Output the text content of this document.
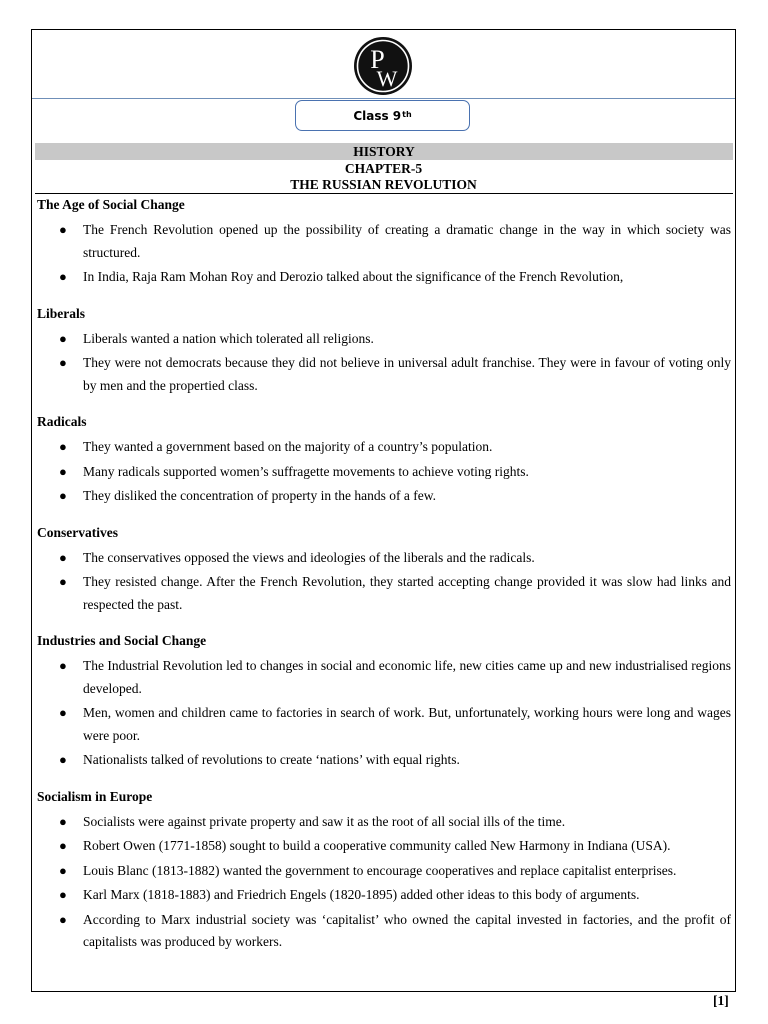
P
W
Class 9th
HISTORY
CHAPTER-5
THE RUSSIAN REVOLUTION
The Age of Social Change
● The French Revolution opened up the possibility of creating a dramatic change in the way in which society was structured.
● In India, Raja Ram Mohan Roy and Derozio talked about the significance of the French Revolution,
Liberals
● Liberals wanted a nation which tolerated all religions.
● They were not democrats because they did not believe in universal adult franchise. They were in favour of voting only by men and the propertied class.
Radicals
● They wanted a government based on the majority of a country’s population.
● Many radicals supported women’s suffragette movements to achieve voting rights.
● They disliked the concentration of property in the hands of a few.
Conservatives
● The conservatives opposed the views and ideologies of the liberals and the radicals.
● They resisted change. After the French Revolution, they started accepting change provided it was slow had links and respected the past.
Industries and Social Change
● The Industrial Revolution led to changes in social and economic life, new cities came up and new industrialised regions developed.
● Men, women and children came to factories in search of work. But, unfortunately, working hours were long and wages were poor.
● Nationalists talked of revolutions to create ‘nations’ with equal rights.
Socialism in Europe
● Socialists were against private property and saw it as the root of all social ills of the time.
● Robert Owen (1771-1858) sought to build a cooperative community called New Harmony in Indiana (USA).
● Louis Blanc (1813-1882) wanted the government to encourage cooperatives and replace capitalist enterprises.
● Karl Marx (1818-1883) and Friedrich Engels (1820-1895) added other ideas to this body of arguments.
● According to Marx industrial society was ‘capitalist’ who owned the capital invested in factories, and the profit of capitalists was produced by workers.
[1]
